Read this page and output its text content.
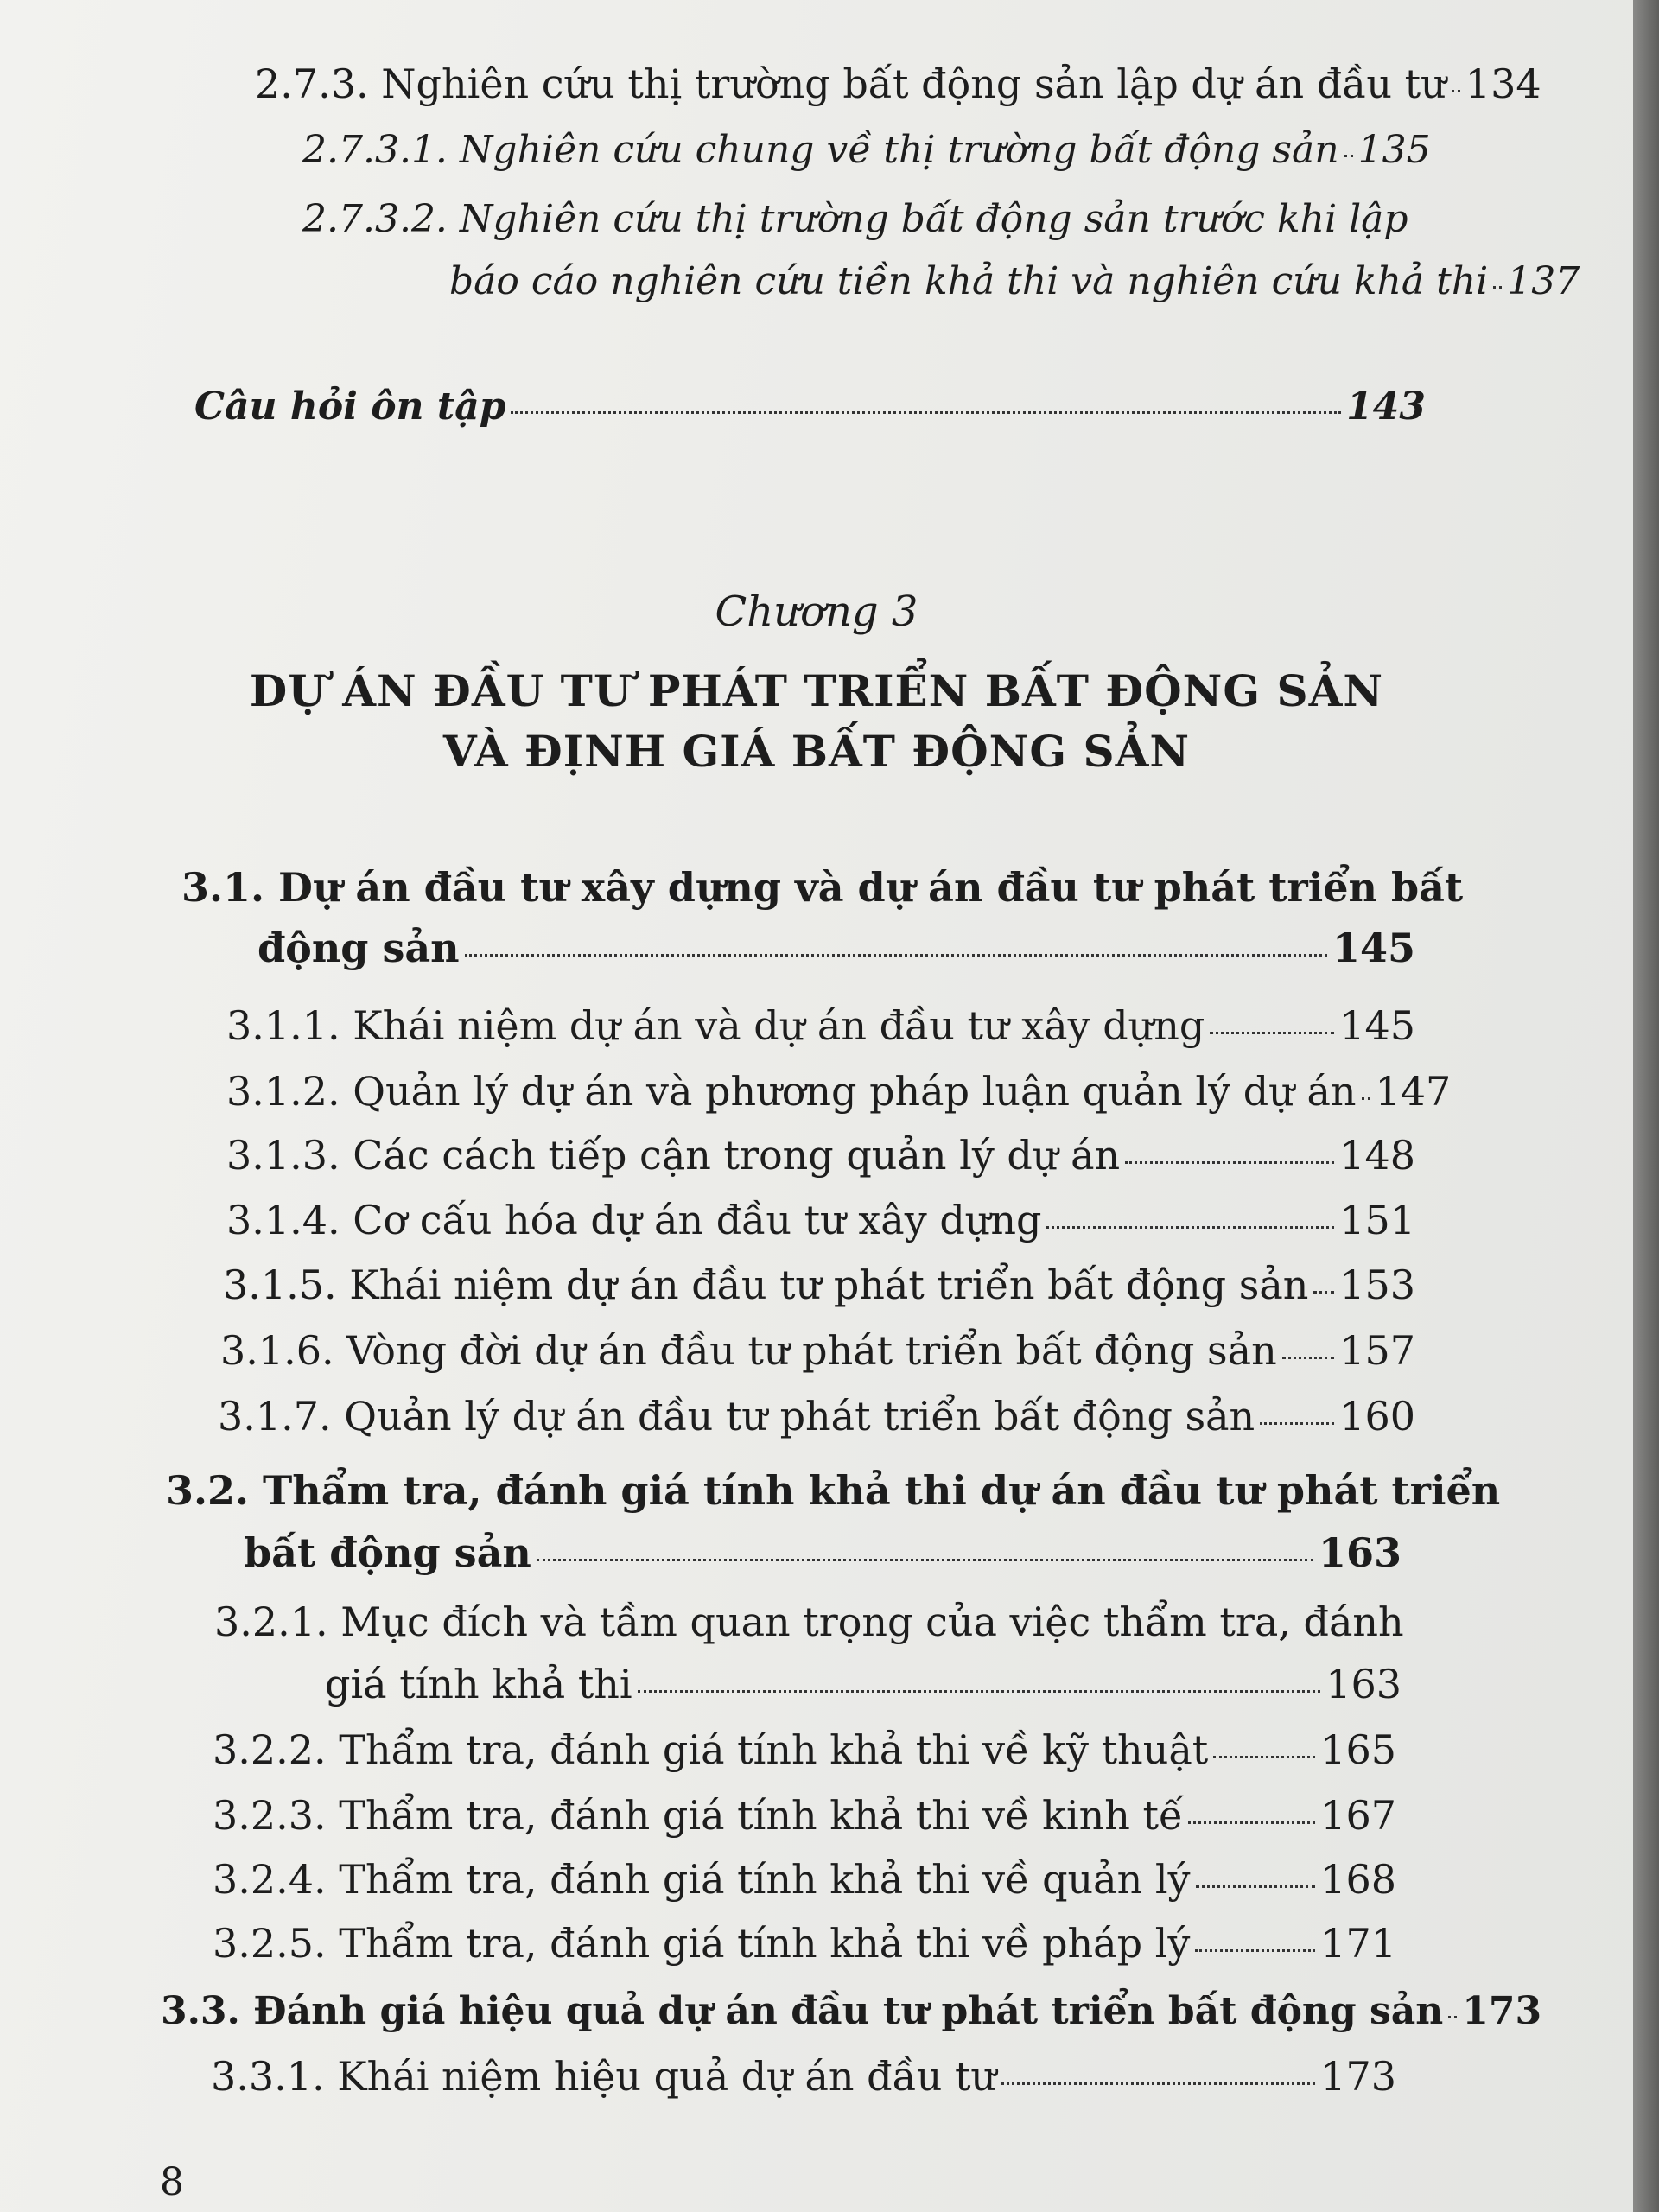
2.7.3. Nghiên cứu thị trường bất động sản lập dự án đầu tư 134
2.7.3.1. Nghiên cứu chung về thị trường bất động sản 135
2.7.3.2. Nghiên cứu thị trường bất động sản trước khi lập
báo cáo nghiên cứu tiền khả thi và nghiên cứu khả thi 137
Câu hỏi ôn tập	143
Chương 3
DỰ ÁN ĐẦU TƯ PHÁT TRIỂN BẤT ĐỘNG SẢN
VÀ ĐỊNH GIÁ BẤT ĐỘNG SẢN
3.1. Dự án đầu tư xây dựng và dự án đầu tư phát triển bất
động sản	145
3.1.1. Khái niệm dự án và dự án đầu tư xây dựng	145
3.1.2. Quản lý dự án và phương pháp luận quản lý dự án 147
3.1.3. Các cách tiếp cận trong quản lý dự án	148
3.1.4. Cơ cấu hóa dự án đầu tư xây dựng	151
3.1.5. Khái niệm dự án đầu tư phát triển bất động sản 153
3.1.6. Vòng đời dự án đầu tư phát triển bất động sản 157
3.1.7. Quản lý dự án đầu tư phát triển bất động sản 160
3.2. Thẩm tra, đánh giá tính khả thi dự án đầu tư phát triển
bất động sản	163
3.2.1. Mục đích và tầm quan trọng của việc thẩm tra, đánh
giá tính khả thi	163
3.2.2. Thẩm tra, đánh giá tính khả thi về kỹ thuật	165
3.2.3. Thẩm tra, đánh giá tính khả thi về kinh tế	167
3.2.4. Thẩm tra, đánh giá tính khả thi về quản lý	168
3.2.5. Thẩm tra, đánh giá tính khả thi về pháp lý	171
3.3. Đánh giá hiệu quả dự án đầu tư phát triển bất động sản 173
3.3.1. Khái niệm hiệu quả dự án đầu tư	173
8
